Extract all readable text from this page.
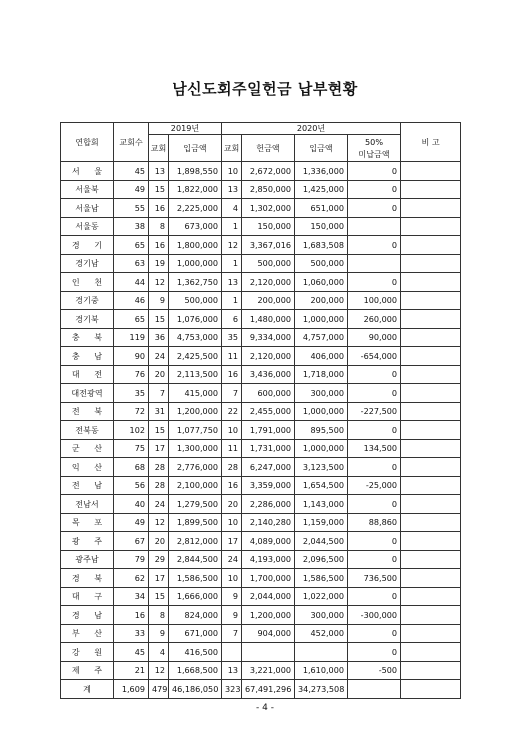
남신도회주일헌금 납부현황
연합회	교회수	2019년		2020년				비 고
		교회	입금액	교회	헌금액	입금액	50%
미납금액	

서 울	45	13	1,898,550	10	2,672,000	1,336,000	0	
서울북	49	15	1,822,000	13	2,850,000	1,425,000	0	
서울남	55	16	2,225,000	4	1,302,000	651,000	0	
서울동	38	8	673,000	1	150,000	150,000		
경 기	65	16	1,800,000	12	3,367,016	1,683,508	0	
경기남	63	19	1,000,000	1	500,000	500,000		
인 천	44	12	1,362,750	13	2,120,000	1,060,000	0	
경기중	46	9	500,000	1	200,000	200,000	100,000	
경기북	65	15	1,076,000	6	1,480,000	1,000,000	260,000	
충 북	119	36	4,753,000	35	9,334,000	4,757,000	90,000	
충 남	90	24	2,425,500	11	2,120,000	406,000	-654,000	
대 전	76	20	2,113,500	16	3,436,000	1,718,000	0	
대전광역	35	7	415,000	7	600,000	300,000	0	
전 북	72	31	1,200,000	22	2,455,000	1,000,000	-227,500	
전북동	102	15	1,077,750	10	1,791,000	895,500	0	
군 산	75	17	1,300,000	11	1,731,000	1,000,000	134,500	
익 산	68	28	2,776,000	28	6,247,000	3,123,500	0	
전 남	56	28	2,100,000	16	3,359,000	1,654,500	-25,000	
전남서	40	24	1,279,500	20	2,286,000	1,143,000	0	
목 포	49	12	1,899,500	10	2,140,280	1,159,000	88,860	
광 주	67	20	2,812,000	17	4,089,000	2,044,500	0	
광주남	79	29	2,844,500	24	4,193,000	2,096,500	0	
경 북	62	17	1,586,500	10	1,700,000	1,586,500	736,500	
대 구	34	15	1,666,000	9	2,044,000	1,022,000	0	
경 남	16	8	824,000	9	1,200,000	300,000	-300,000	
부 산	33	9	671,000	7	904,000	452,000	0	
강 원	45	4	416,500				0	
제 주	21	12	1,668,500	13	3,221,000	1,610,000	-500	
계	1,609	479	46,186,050	323	67,491,296	34,273,508		
- 4 -
